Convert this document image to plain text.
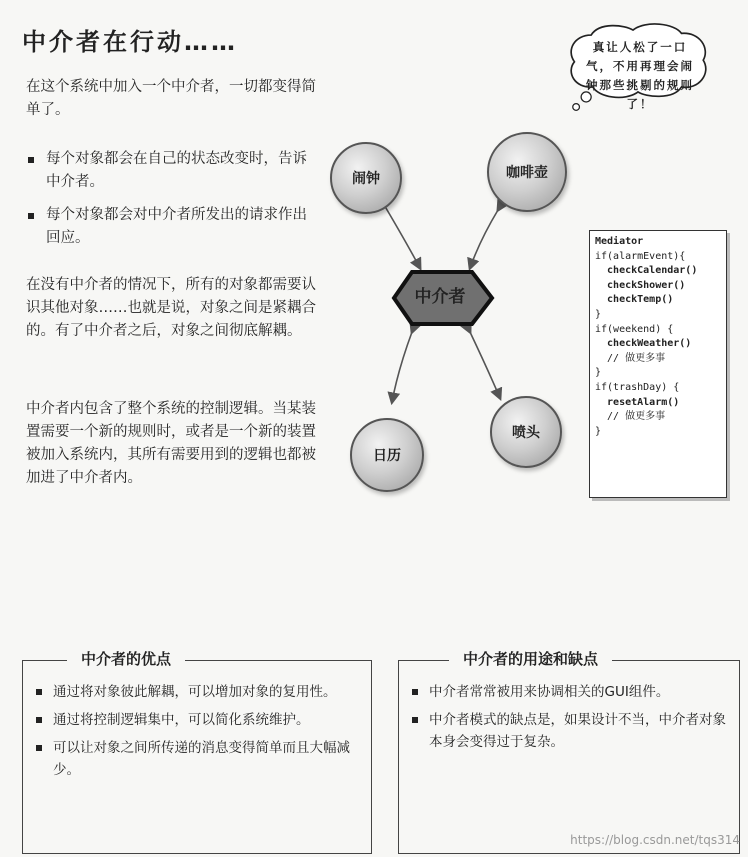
中介者在行动……
在这个系统中加入一个中介者，一切都变得简单了。
每个对象都会在自己的状态改变时，告诉中介者。
每个对象都会对中介者所发出的请求作出回应。
在没有中介者的情况下，所有的对象都需要认识其他对象……也就是说，对象之间是紧耦合的。有了中介者之后，对象之间彻底解耦。
中介者内包含了整个系统的控制逻辑。当某装置需要一个新的规则时，或者是一个新的装置被加入系统内，其所有需要用到的逻辑也都被加进了中介者内。
真让人松了一口气，不用再理会闹钟那些挑剔的规则了！
闹钟	咖啡壶
日历
喷头
中介者
Mediator
if(alarmEvent){
checkCalendar()
checkShower()
checkTemp()
}
if(weekend) {
checkWeather()
// 做更多事
}
if(trashDay) {
resetAlarm()
// 做更多事
}
中介者的优点
通过将对象彼此解耦，可以增加对象的复用性。
通过将控制逻辑集中，可以简化系统维护。
可以让对象之间所传递的消息变得简单而且大幅减少。
中介者的用途和缺点
中介者常常被用来协调相关的GUI组件。
中介者模式的缺点是，如果设计不当，中介者对象本身会变得过于复杂。
https://blog.csdn.net/tqs314
